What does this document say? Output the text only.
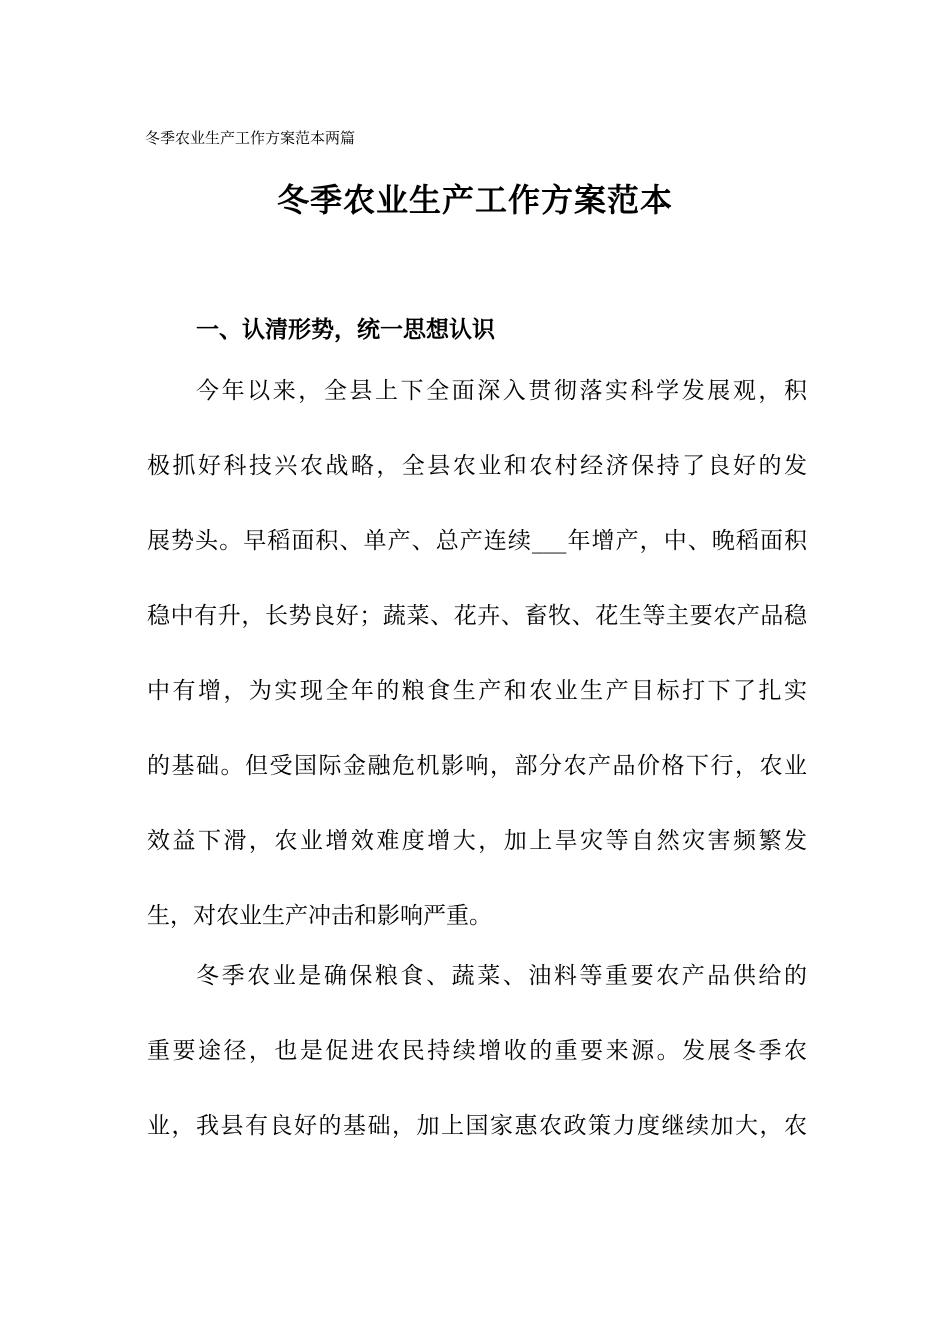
冬季农业生产工作方案范本两篇
冬季农业生产工作方案范本
一、认清形势，统一思想认识
今年以来，全县上下全面深入贯彻落实科学发展观，积
极抓好科技兴农战略，全县农业和农村经济保持了良好的发
展势头。早稻面积、单产、总产连续___年增产，中、晚稻面积
稳中有升，长势良好；蔬菜、花卉、畜牧、花生等主要农产品稳
中有增，为实现全年的粮食生产和农业生产目标打下了扎实
的基础。但受国际金融危机影响，部分农产品价格下行，农业
效益下滑，农业增效难度增大，加上旱灾等自然灾害频繁发
生，对农业生产冲击和影响严重。
冬季农业是确保粮食、蔬菜、油料等重要农产品供给的
重要途径，也是促进农民持续增收的重要来源。发展冬季农
业，我县有良好的基础，加上国家惠农政策力度继续加大，农
